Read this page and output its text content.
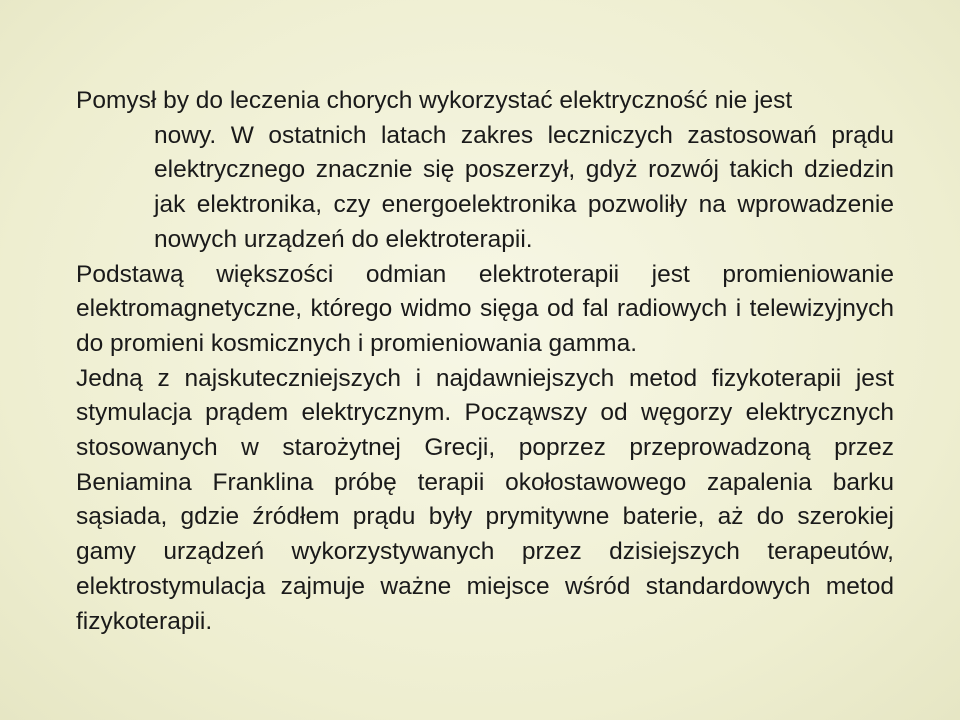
Pomysł by do leczenia chorych wykorzystać elektryczność nie jest
nowy. W ostatnich latach zakres leczniczych zastosowań prądu elektrycznego znacznie się poszerzył, gdyż rozwój takich dziedzin jak elektronika, czy energoelektronika pozwoliły na wprowadzenie nowych urządzeń do elektroterapii.
Podstawą większości odmian elektroterapii jest promieniowanie elektromagnetyczne, którego widmo sięga od fal radiowych i telewizyjnych do promieni kosmicznych i promieniowania gamma.
Jedną z najskuteczniejszych i najdawniejszych metod fizykoterapii jest stymulacja prądem elektrycznym. Począwszy od węgorzy elektrycznych stosowanych w starożytnej Grecji, poprzez przeprowadzoną przez Beniamina Franklina próbę terapii okołostawowego zapalenia barku sąsiada, gdzie źródłem prądu były prymitywne baterie, aż do szerokiej gamy urządzeń wykorzystywanych przez dzisiejszych terapeutów, elektrostymulacja zajmuje ważne miejsce wśród standardowych metod fizykoterapii.
